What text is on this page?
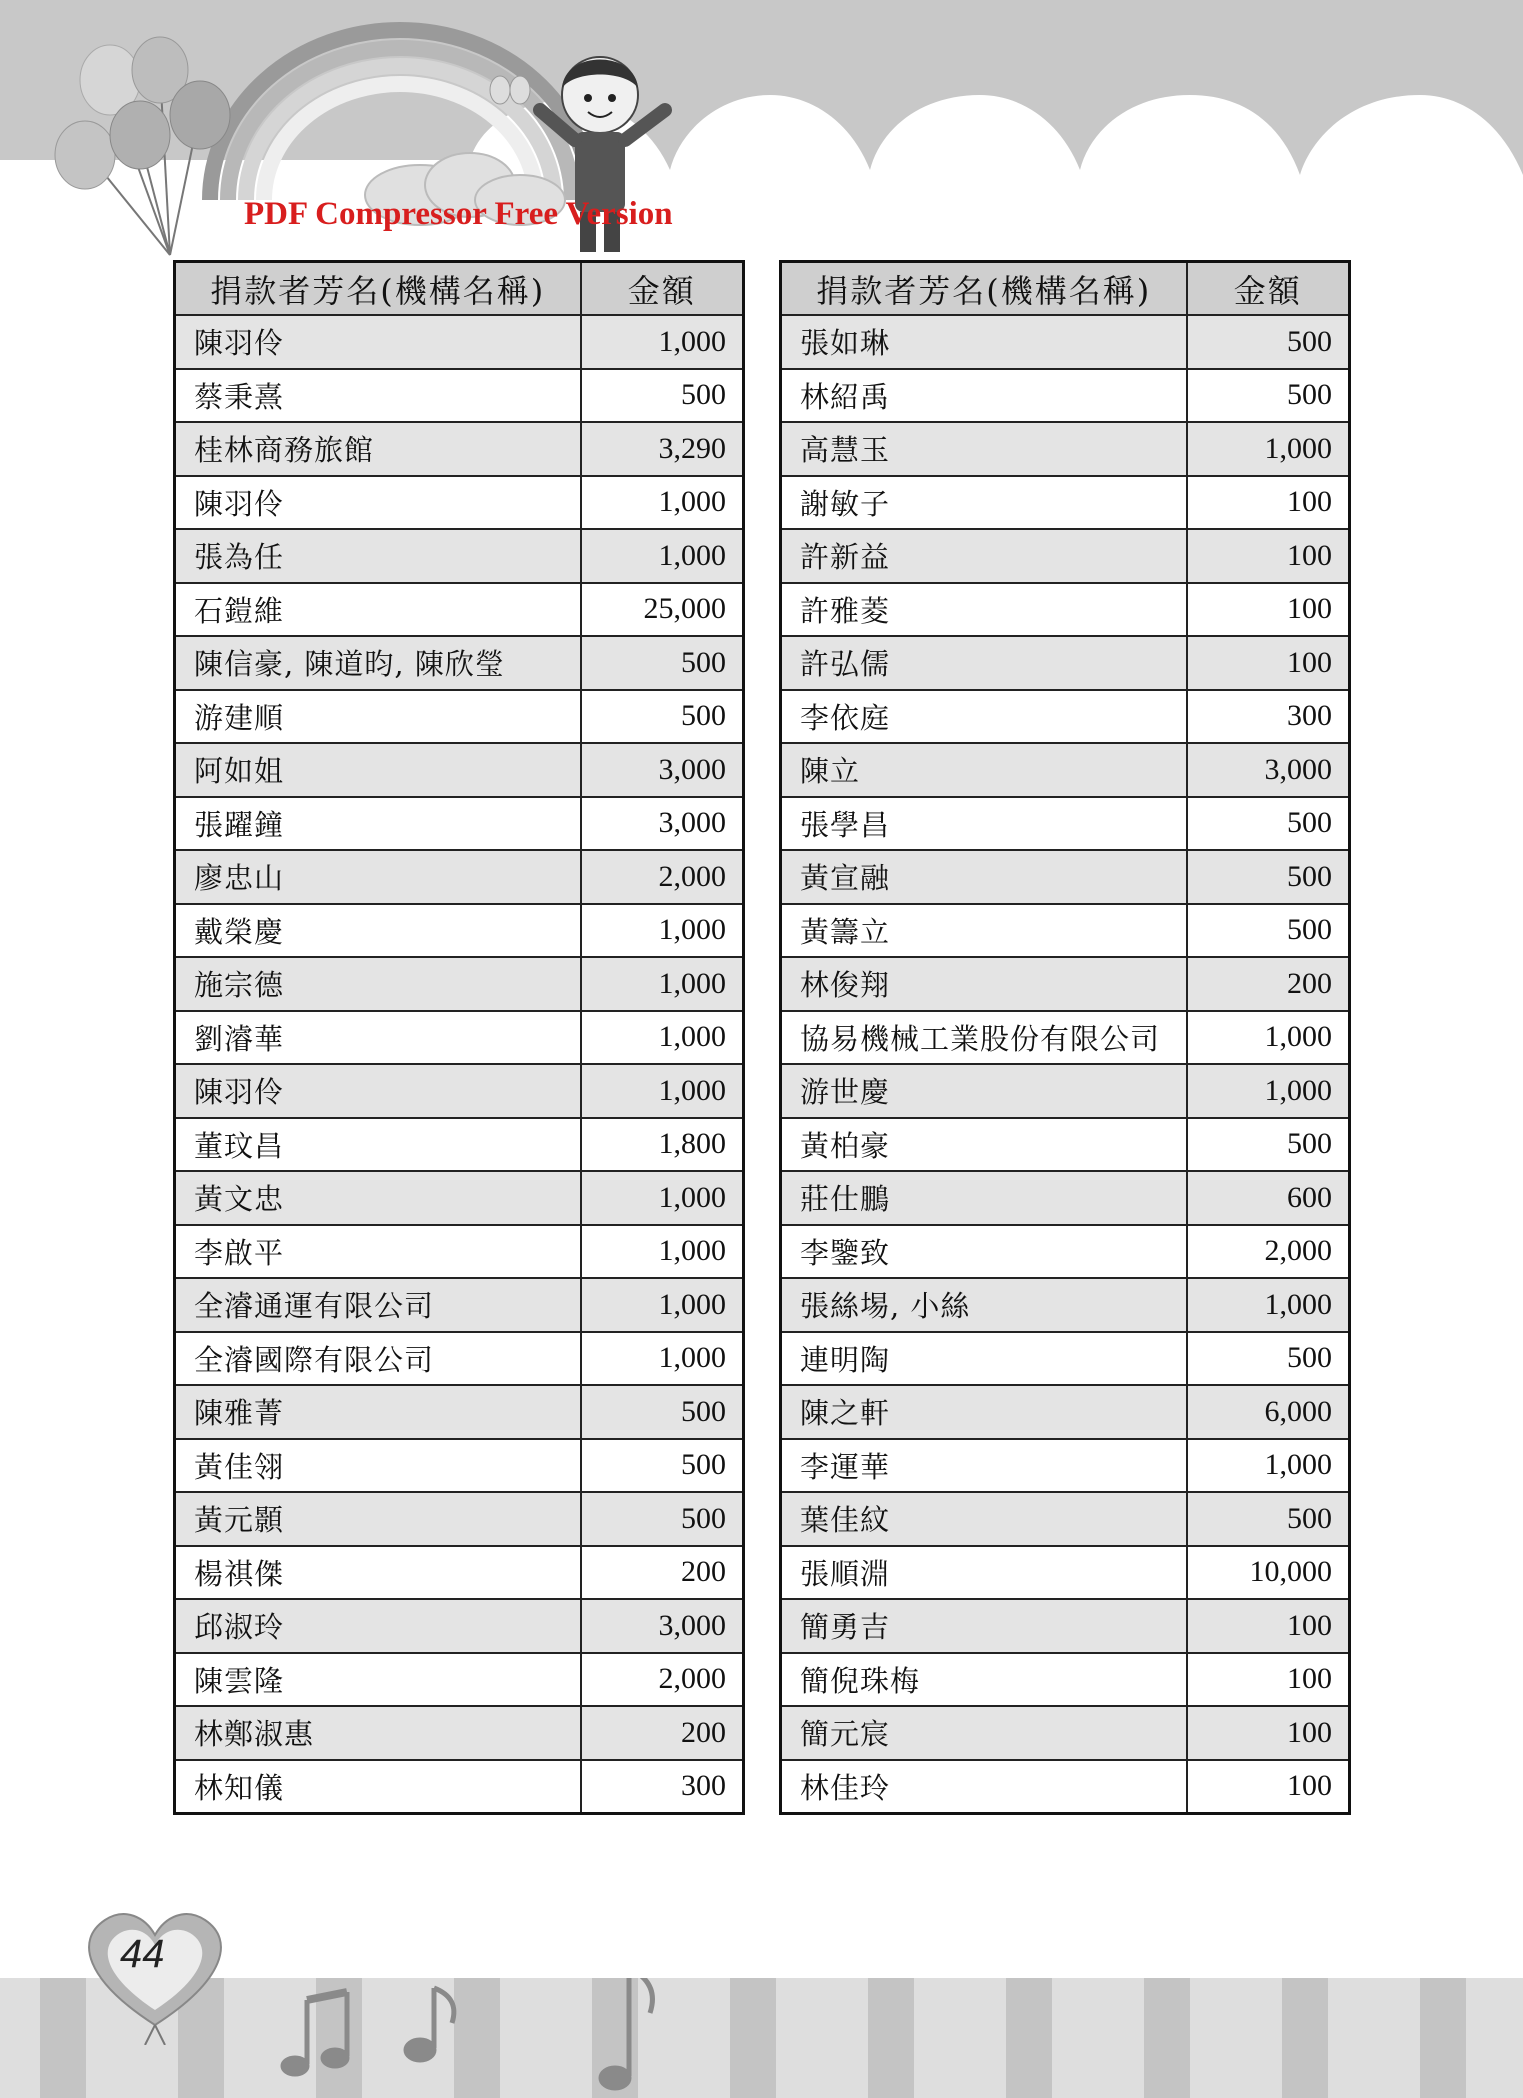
PDF Compressor Free Version
捐款者芳名(機構名稱)	金額
陳羽伶	1,000
蔡秉熹	500
桂林商務旅館	3,290
陳羽伶	1,000
張為任	1,000
石鎧維	25,000
陳信豪, 陳道昀, 陳欣瑩	500
游建順	500
阿如姐	3,000
張躍鐘	3,000
廖忠山	2,000
戴榮慶	1,000
施宗德	1,000
劉濬華	1,000
陳羽伶	1,000
董玟昌	1,800
黃文忠	1,000
李啟平	1,000
全濬通運有限公司	1,000
全濬國際有限公司	1,000
陳雅菁	500
黃佳翎	500
黃元顥	500
楊祺傑	200
邱淑玲	3,000
陳雲隆	2,000
林鄭淑惠	200
林知儀	300
捐款者芳名(機構名稱)	金額
張如琳	500
林紹禹	500
高慧玉	1,000
謝敏子	100
許新益	100
許雅菱	100
許弘儒	100
李依庭	300
陳立	3,000
張學昌	500
黃宣融	500
黃籌立	500
林俊翔	200
協易機械工業股份有限公司	1,000
游世慶	1,000
黃柏豪	500
莊仕鵬	600
李鑒致	2,000
張絲埸, 小絲	1,000
連明陶	500
陳之軒	6,000
李運華	1,000
葉佳紋	500
張順淵	10,000
簡勇吉	100
簡倪珠梅	100
簡元宸	100
林佳玲	100
44
